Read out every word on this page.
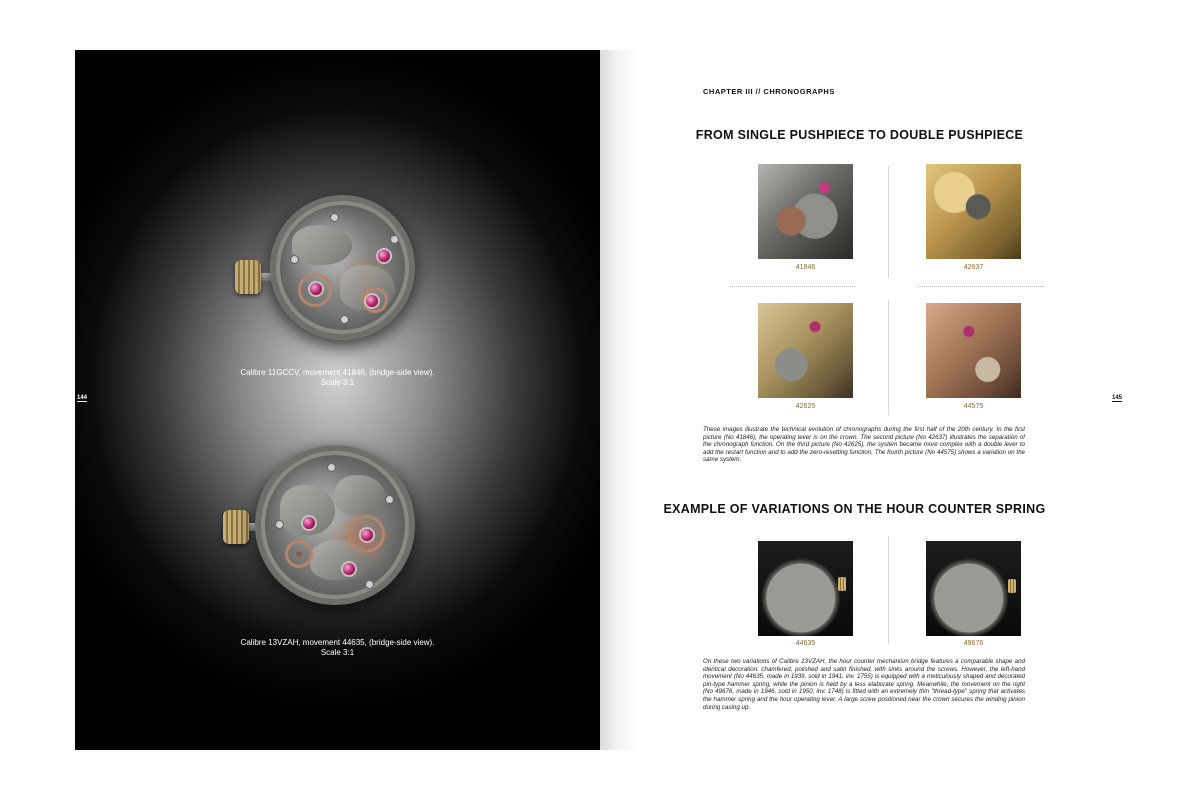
Calibre 11GCCV, movement 41846, (bridge-side view).
Scale 3:1
144
Calibre 13VZAH, movement 44635, (bridge-side view).
Scale 3:1
CHAPTER III // CHRONOGRAPHS
FROM SINGLE PUSHPIECE TO DOUBLE PUSHPIECE
41846	42637
42625	44575
These images illustrate the technical evolution of chronographs during the first half of the 20th century. In the first picture (No 41846), the operating lever is on the crown. The second picture (No 42637) illustrates the separation of the chronograph function. On the third picture (No 42625), the system became more complex with a double lever to add the restart function and to add the zero-resetting function. The fourth picture (No 44575) shows a variation on the same system.
EXAMPLE OF VARIATIONS ON THE HOUR COUNTER SPRING
44635	49676
On these two variations of Calibre 13VZAH, the hour counter mechanism bridge features a comparable shape and identical decoration: chamfered, polished and satin finished, with sinks around the screws. However, the left-hand movement (No 44635, made in 1939, sold in 1941, inv. 1755) is equipped with a meticulously shaped and decorated pin-type hammer spring, while the pinion is held by a less elaborate spring. Meanwhile, the movement on the right (No 49676, made in 1946, sold in 1950, inv. 1748) is fitted with an extremely thin "thread-type" spring that activates the hammer spring and the hour operating lever. A large screw positioned near the crown secures the winding pinion during casing up.
145
